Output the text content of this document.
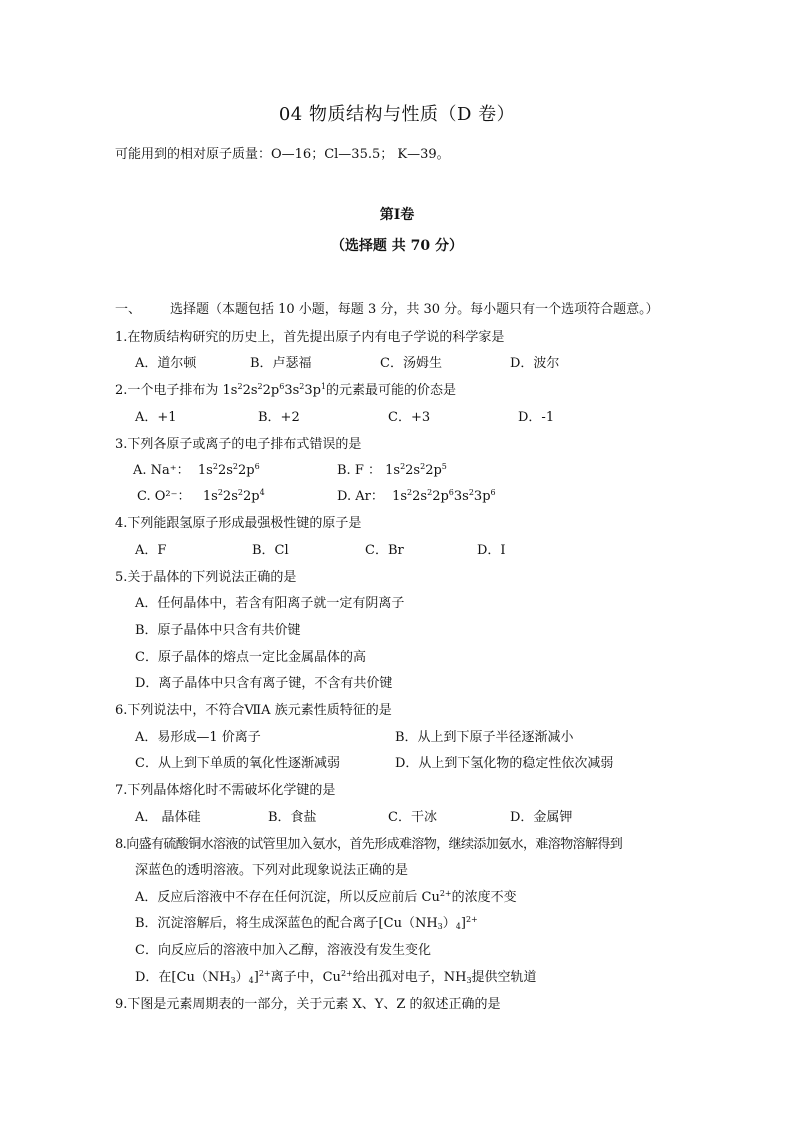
04 物质结构与性质（D 卷）
可能用到的相对原子质量：O—16；Cl—35.5； K—39。
第Ⅰ卷
（选择题 共 70 分）
一、 选择题（本题包括 10 小题，每题 3 分，共 30 分。每小题只有一个选项符合题意。）
1.在物质结构研究的历史上，首先提出原子内有电子学说的科学家是
A．道尔顿	B．卢瑟福	C．汤姆生	D．波尔
2.一个电子排布为 $1s^22s^22p^63s^23p^1$的元素最可能的价态是
A．+1	B．+2	C．+3	D．-1
3.下列各原子或离子的电子排布式错误的是
A. Na⁺：  $1s^22s^22p^6$	B. F ： $1s^22s^22p^5$
C. O²⁻：   $1s^22s^22p^4$	D. Ar：  $1s^22s^22p^63s^23p^6$
4.下列能跟氢原子形成最强极性键的原子是
A．F	B．Cl	C．Br	D．I
5.关于晶体的下列说法正确的是
A．任何晶体中，若含有阳离子就一定有阴离子
B．原子晶体中只含有共价键
C．原子晶体的熔点一定比金属晶体的高
D．离子晶体中只含有离子键，不含有共价键
6.下列说法中，不符合ⅦA 族元素性质特征的是
A．易形成—1 价离子	B．从上到下原子半径逐渐减小
C．从上到下单质的氧化性逐渐减弱	D．从上到下氢化物的稳定性依次减弱
7.下列晶体熔化时不需破坏化学键的是
A． 晶体硅	B．食盐	C．干冰	D．金属钾
8.向盛有硫酸铜水溶液的试管里加入氨水，首先形成难溶物，继续添加氨水，难溶物溶解得到
深蓝色的透明溶液。下列对此现象说法正确的是
A．反应后溶液中不存在任何沉淀，所以反应前后 $Cu^{2+}$的浓度不变
B．沉淀溶解后，将生成深蓝色的配合离子$[Cu(NH_3)_4]^{2+}$
C．向反应后的溶液中加入乙醇，溶液没有发生变化
D．在$[Cu(NH_3)_4]^{2+}$离子中，$Cu^{2+}$给出孤对电子，$NH_3$提供空轨道
9.下图是元素周期表的一部分，关于元素 X、Y、Z 的叙述正确的是
